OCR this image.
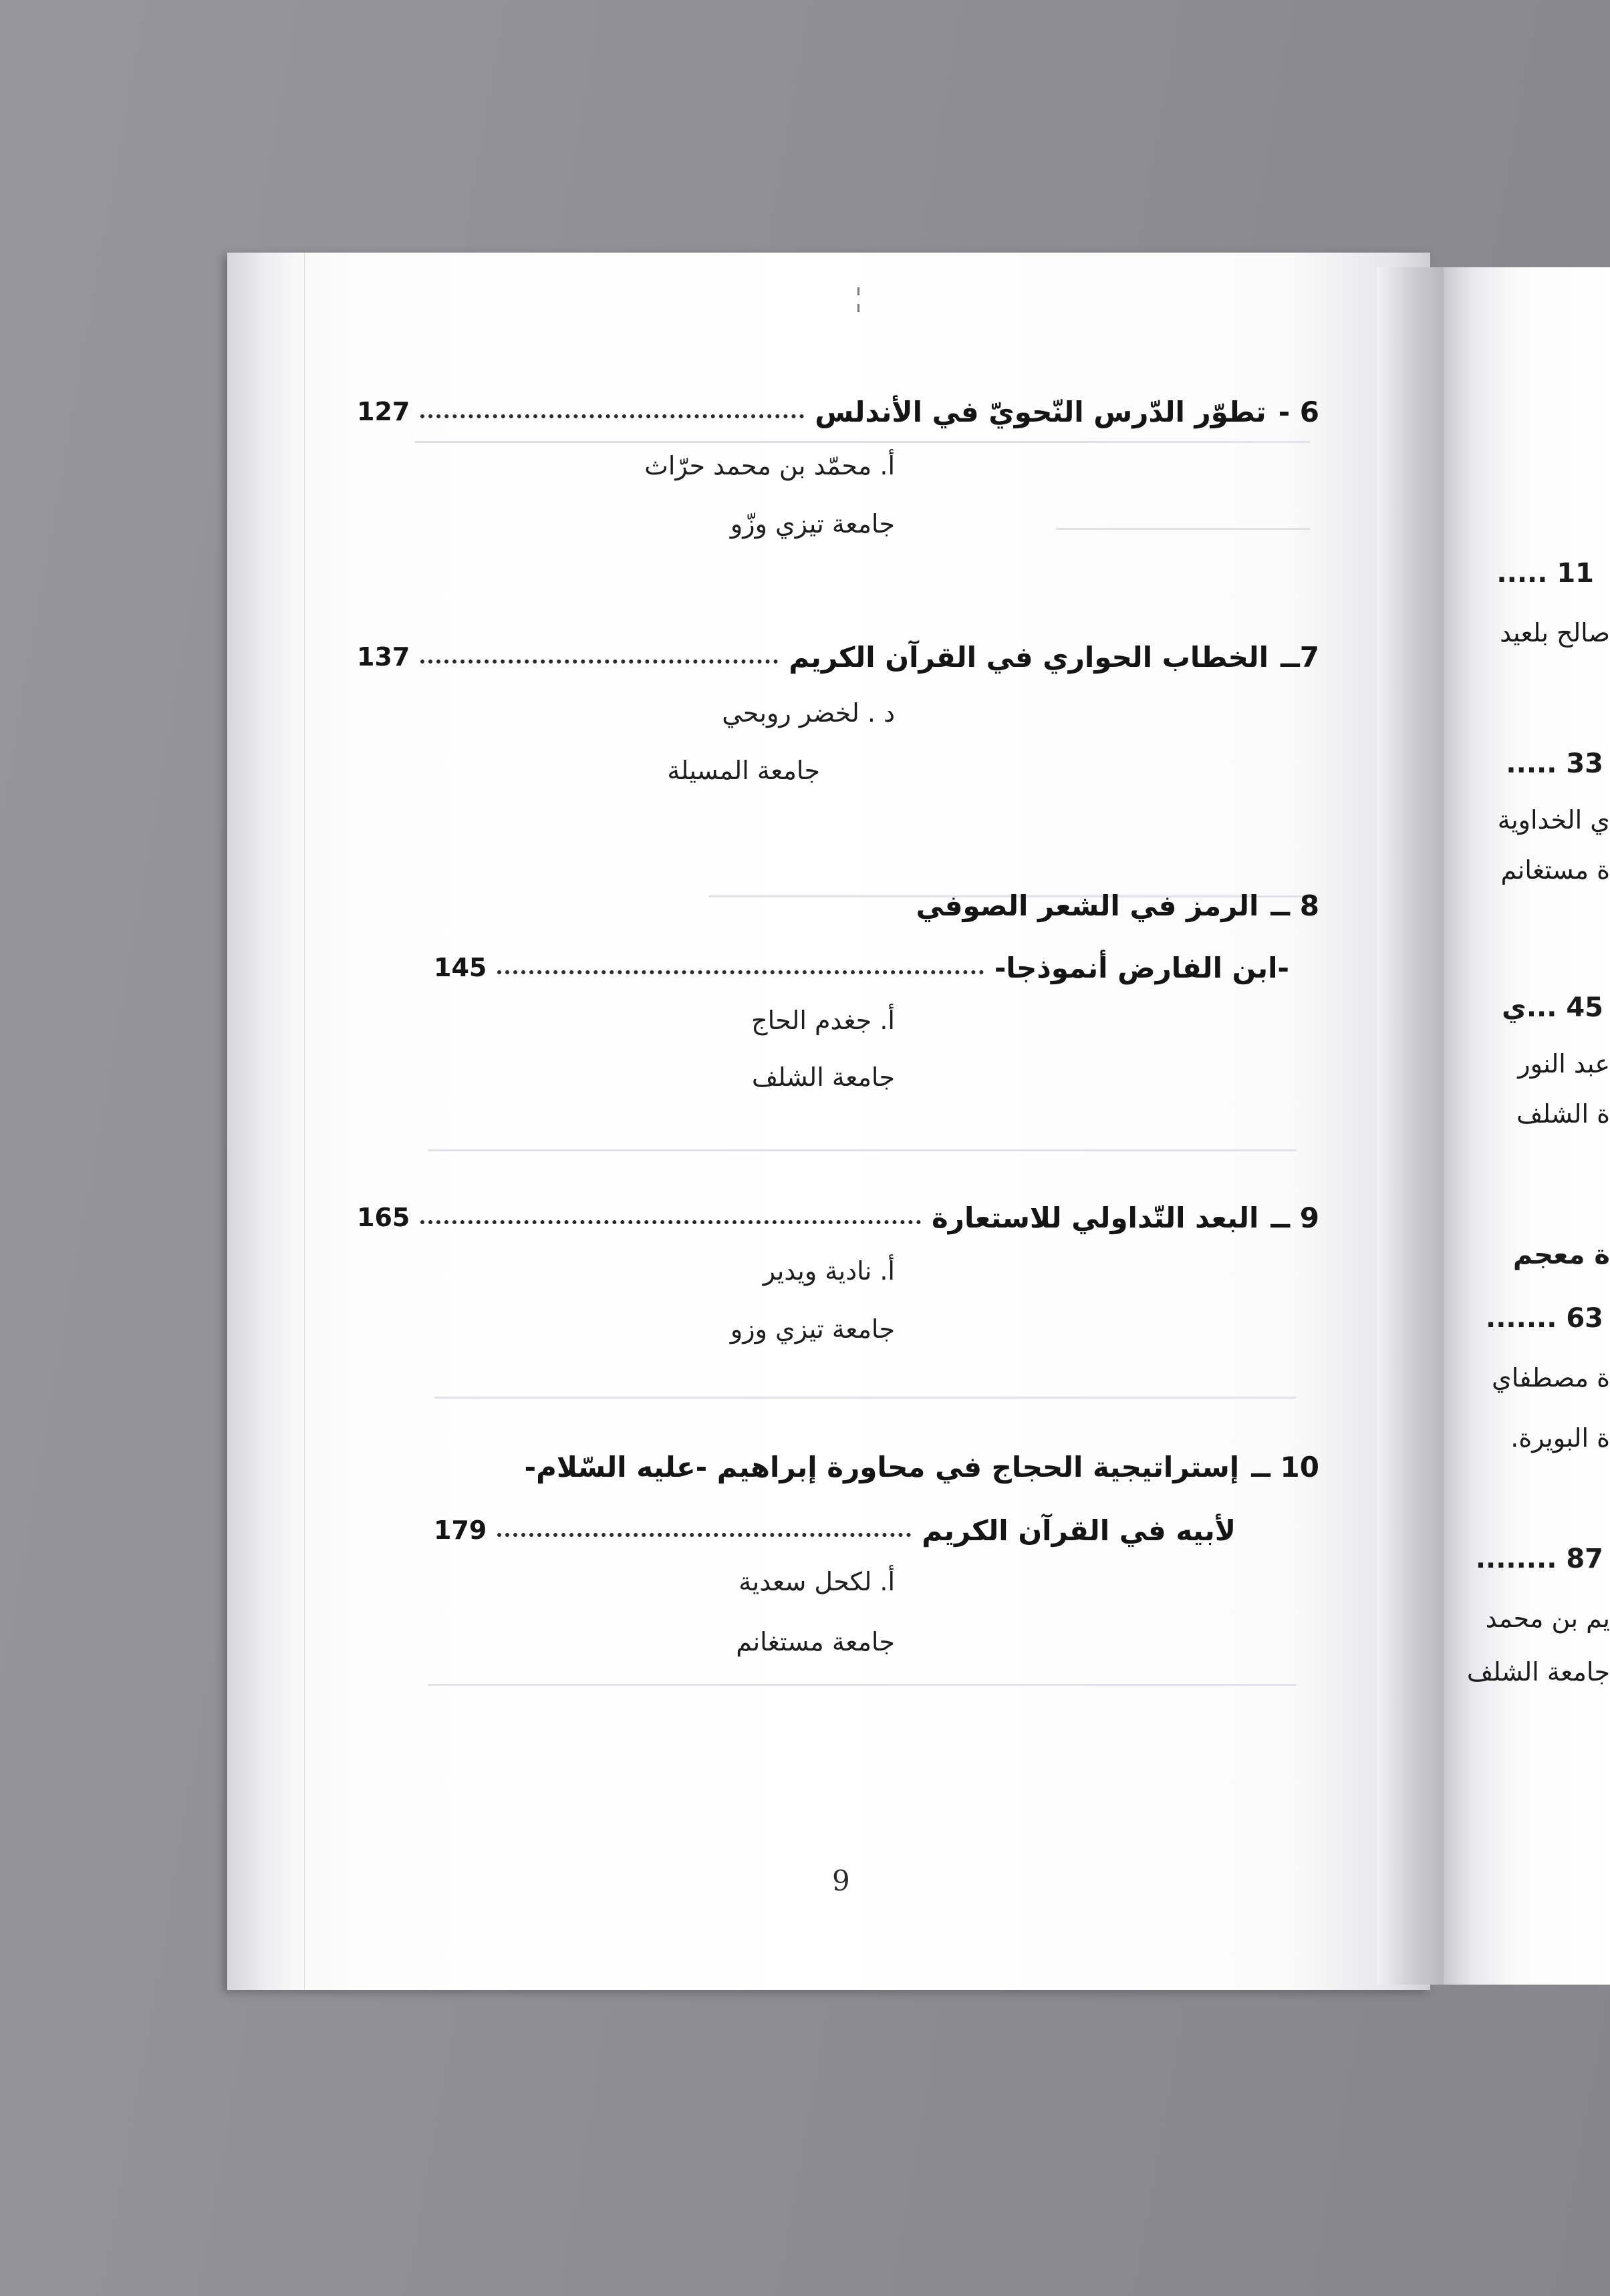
6 -
تطوّر الدّرس النّحويّ في الأندلس
127
أ. محمّد بن محمد حرّاث
جامعة تيزي وزّو
7ــ
الخطاب الحواري في القرآن الكريم
137
د . لخضر روبحي
جامعة المسيلة
8 ــ
الرمز في الشعر الصوفي
-ابن الفارض أنموذجا-
145
أ. جغدم الحاج
جامعة الشلف
9 ــ
البعد التّداولي للاستعارة
165
أ. نادية ويدير
جامعة تيزي وزو
10 ــ
إستراتيجية الحجاج في محاورة إبراهيم -عليه السّلام-
لأبيه في القرآن الكريم
179
أ. لكحل سعدية
جامعة مستغانم
9
11 .....
صالح بلعيد
33 .....
ي الخداوية
ة مستغانم
45 ...ي
عبد النور
ة الشلف
ة معجم
63 .......
ة مصطفاي
ة البويرة.
87 ........
يم بن محمد
جامعة الشلف
